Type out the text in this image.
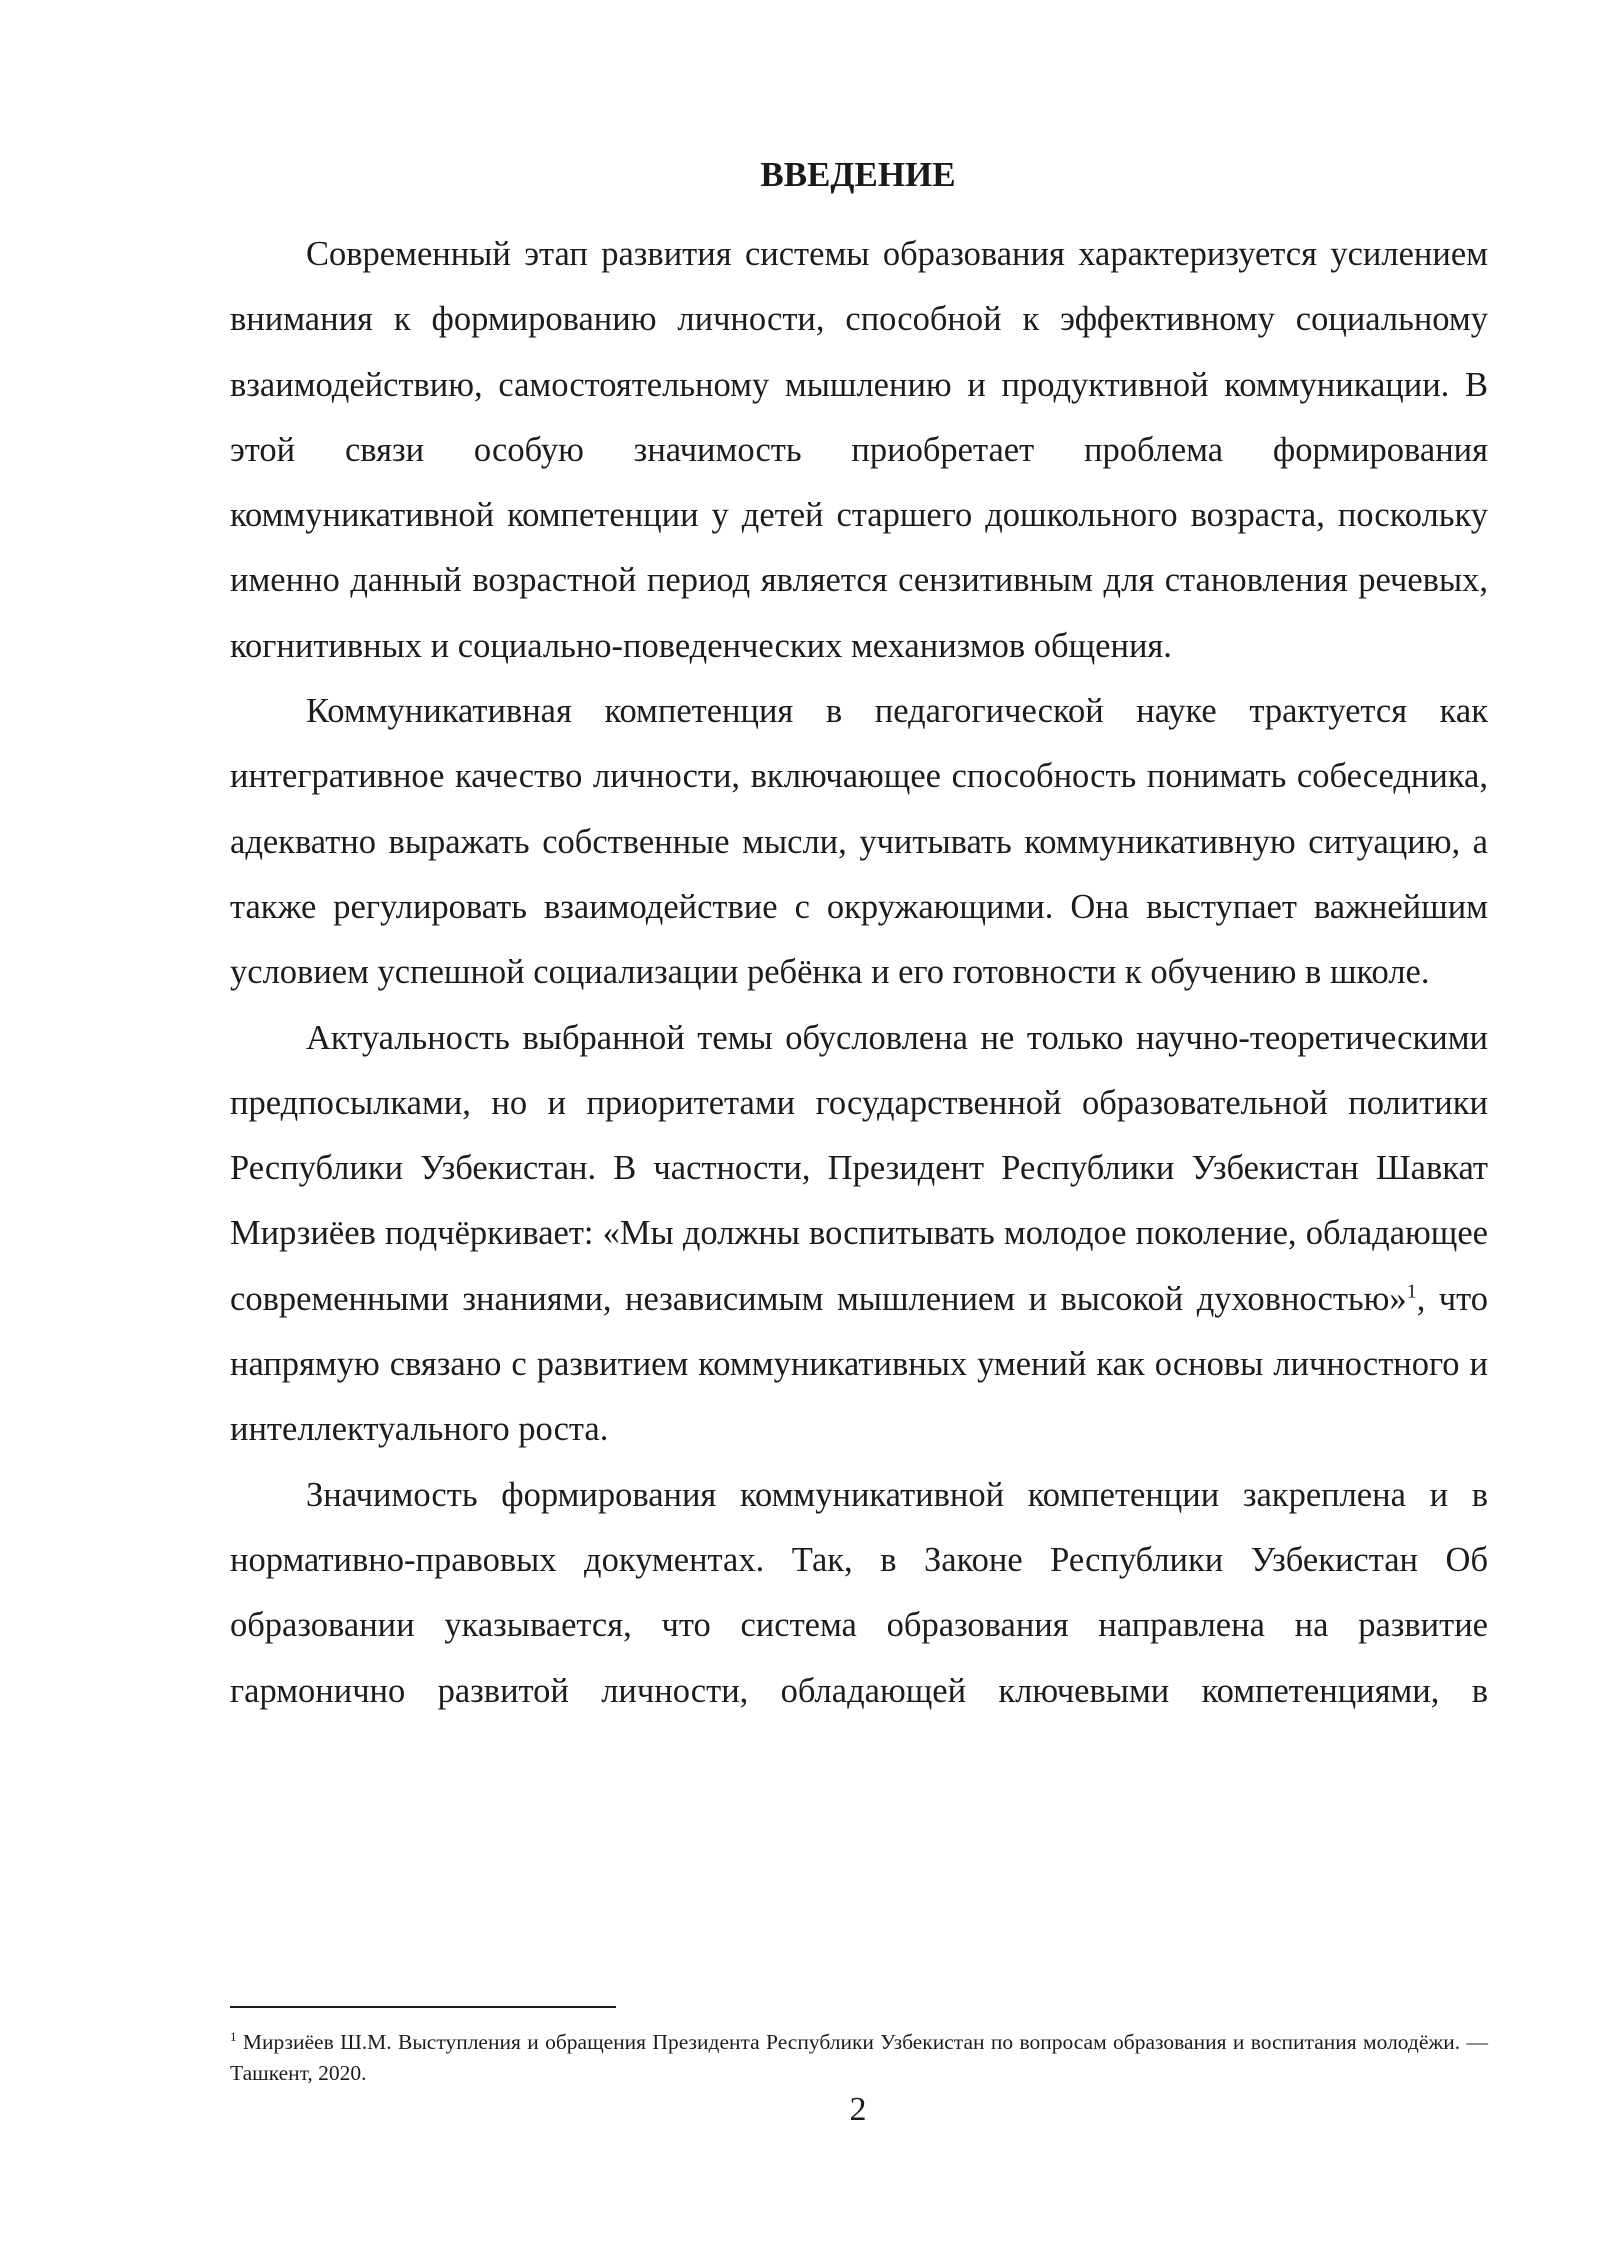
ВВЕДЕНИЕ

Современный этап развития системы образования характеризуется усилением внимания к формированию личности, способной к эффективному социальному взаимодействию, самостоятельному мышлению и продуктивной коммуникации. В этой связи особую значимость приобретает проблема формирования коммуникативной компетенции у детей старшего дошкольного возраста, поскольку именно данный возрастной период является сензитивным для становления речевых, когнитивных и социально-поведенческих механизмов общения.

Коммуникативная компетенция в педагогической науке трактуется как интегративное качество личности, включающее способность понимать собеседника, адекватно выражать собственные мысли, учитывать коммуникативную ситуацию, а также регулировать взаимодействие с окружающими. Она выступает важнейшим условием успешной социализации ребёнка и его готовности к обучению в школе.

Актуальность выбранной темы обусловлена не только научно-теоретическими предпосылками, но и приоритетами государственной образовательной политики Республики Узбекистан. В частности, Президент Республики Узбекистан Шавкат Мирзиёев подчёркивает: «Мы должны воспитывать молодое поколение, обладающее современными знаниями, независимым мышлением и высокой духовностью»$^1$, что напрямую связано с развитием коммуникативных умений как основы личностного и интеллектуального роста.

Значимость формирования коммуникативной компетенции закреплена и в нормативно-правовых документах. Так, в Законе Республики Узбекистан Об образовании указывается, что система образования направлена на развитие гармонично развитой личности, обладающей ключевыми компетенциями, в

$^1$ Мирзиёев Ш.М. Выступления и обращения Президента Республики Узбекистан по вопросам образования и воспитания молодёжи. — Ташкент, 2020.

2
